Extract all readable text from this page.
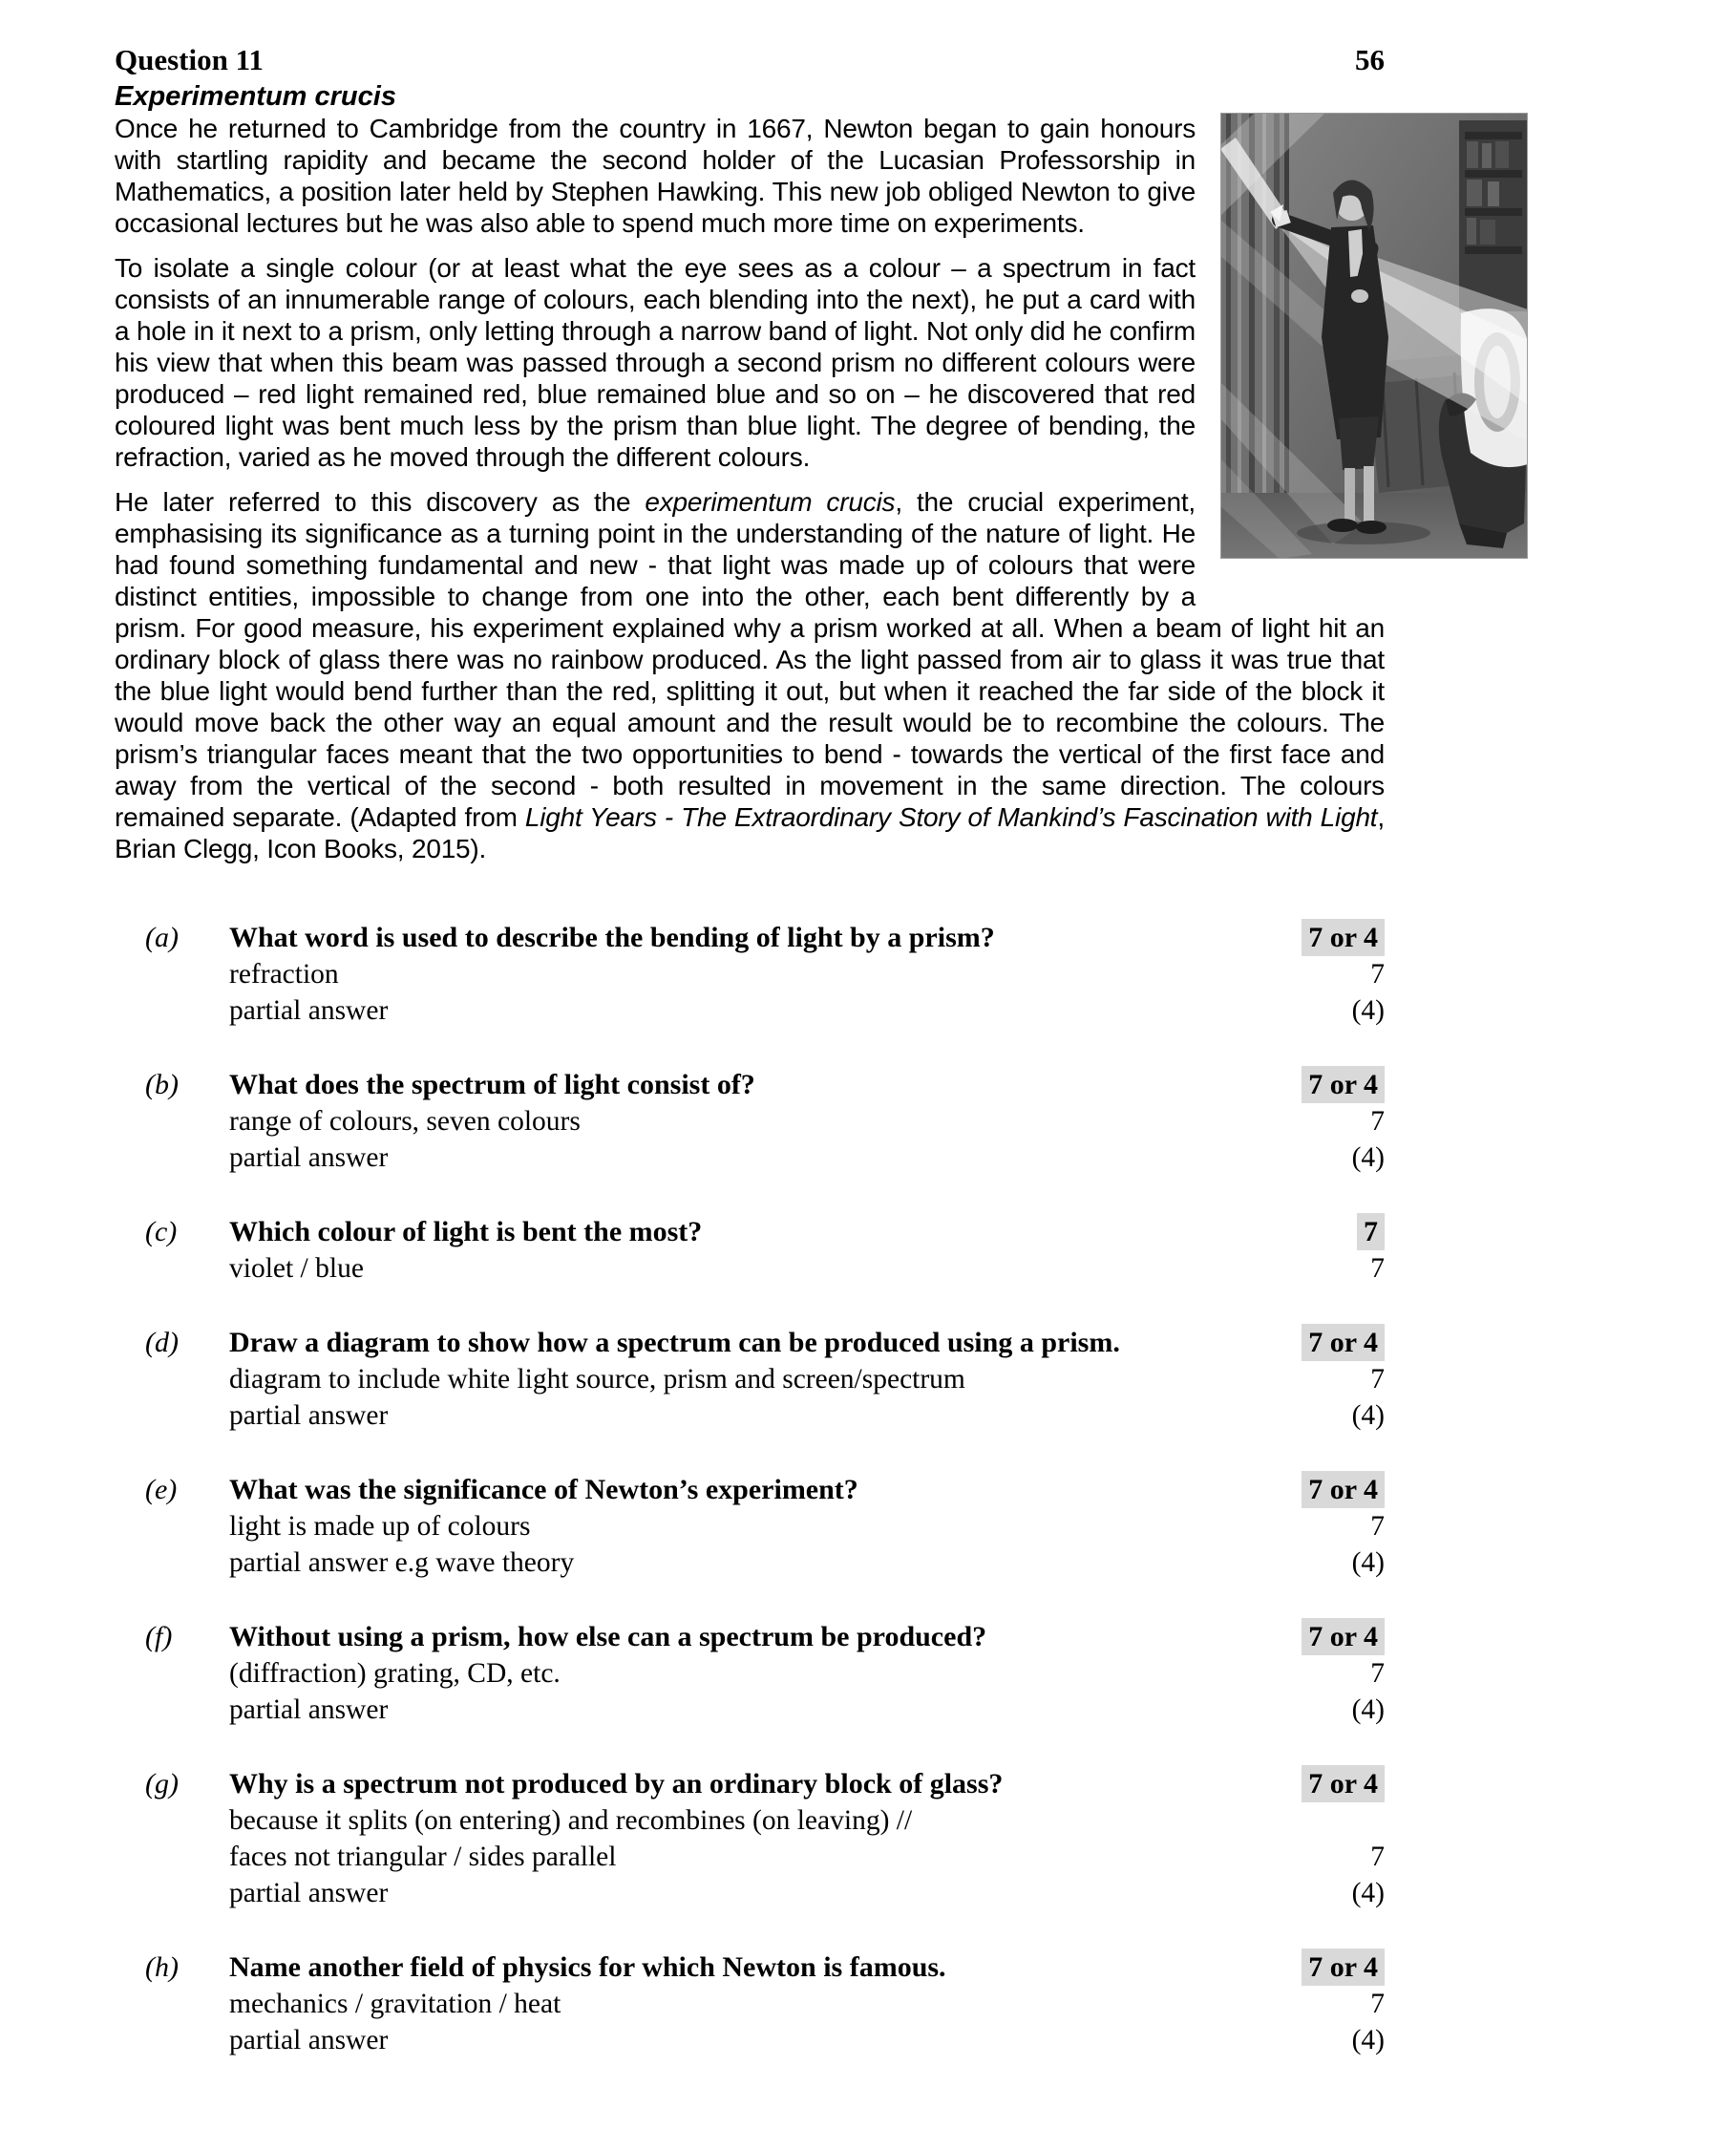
Question 11	56
Experimentum crucis

Once he returned to Cambridge from the country in 1667, Newton began to gain honours with startling rapidity and became the second holder of the Lucasian Professorship in Mathematics, a position later held by Stephen Hawking. This new job obliged Newton to give occasional lectures but he was also able to spend much more time on experiments.

To isolate a single colour (or at least what the eye sees as a colour – a spectrum in fact consists of an innumerable range of colours, each blending into the next), he put a card with a hole in it next to a prism, only letting through a narrow band of light. Not only did he confirm his view that when this beam was passed through a second prism no different colours were produced – red light remained red, blue remained blue and so on – he discovered that red coloured light was bent much less by the prism than blue light. The degree of bending, the refraction, varied as he moved through the different colours.

He later referred to this discovery as the experimentum crucis, the crucial experiment, emphasising its significance as a turning point in the understanding of the nature of light. He had found something fundamental and new - that light was made up of colours that were distinct entities, impossible to change from one into the other, each bent differently by a prism. For good measure, his experiment explained why a prism worked at all. When a beam of light hit an ordinary block of glass there was no rainbow produced. As the light passed from air to glass it was true that the blue light would bend further than the red, splitting it out, but when it reached the far side of the block it would move back the other way an equal amount and the result would be to recombine the colours. The prism’s triangular faces meant that the two opportunities to bend - towards the vertical of the first face and away from the vertical of the second - both resulted in movement in the same direction. The colours remained separate. (Adapted from Light Years - The Extraordinary Story of Mankind’s Fascination with Light, Brian Clegg, Icon Books, 2015).

(a)	What word is used to describe the bending of light by a prism?	7 or 4
refraction	7
partial answer	(4)
(b)	What does the spectrum of light consist of?	7 or 4
range of colours, seven colours	7
partial answer	(4)
(c)	Which colour of light is bent the most?	7
violet / blue	7
(d)	Draw a diagram to show how a spectrum can be produced using a prism.	7 or 4
diagram to include white light source, prism and screen/spectrum	7
partial answer	(4)
(e)	What was the significance of Newton’s experiment?	7 or 4
light is made up of colours	7
partial answer e.g wave theory	(4)
(f)	Without using a prism, how else can a spectrum be produced?	7 or 4
(diffraction) grating, CD, etc.	7
partial answer	(4)
(g)	Why is a spectrum not produced by an ordinary block of glass?	7 or 4
because it splits (on entering) and recombines (on leaving) //
faces not triangular / sides parallel	7
partial answer	(4)
(h)	Name another field of physics for which Newton is famous.	7 or 4
mechanics / gravitation / heat	7
partial answer	(4)
